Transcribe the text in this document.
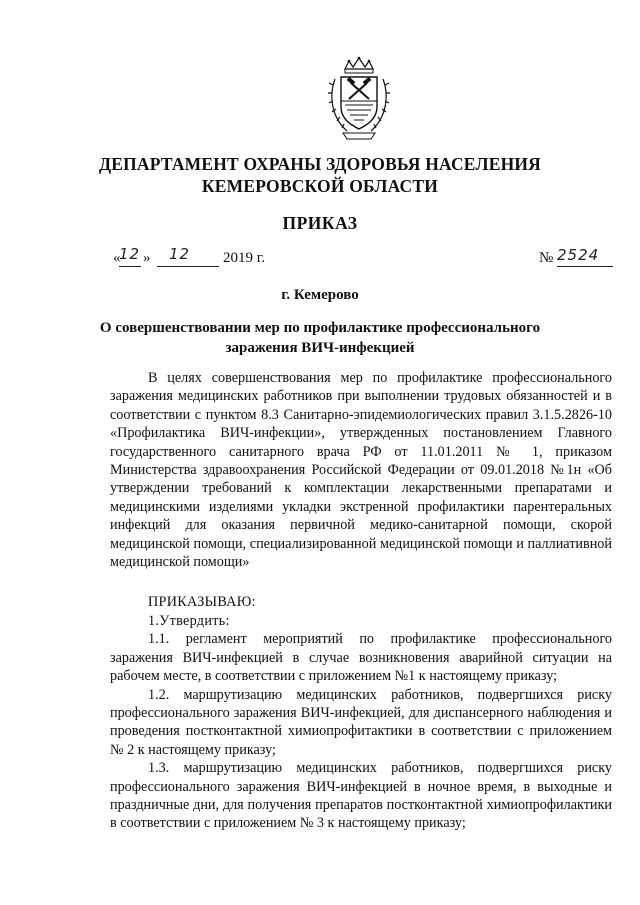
ДЕПАРТАМЕНТ ОХРАНЫ ЗДОРОВЬЯ НАСЕЛЕНИЯ
КЕМЕРОВСКОЙ ОБЛАСТИ
ПРИКАЗ
«
12 » 12 2019 г.	№ 2524
г. Кемерово
О совершенствовании мер по профилактике профессионального
заражения ВИЧ-инфекцией

В целях совершенствования мер по профилактике профессионального заражения медицинских работников при выполнении трудовых обязанностей и в соответствии с пунктом 8.3 Санитарно-эпидемиологических правил 3.1.5.2826-10 «Профилактика ВИЧ-инфекции», утвержденных постановлением Главного государственного санитарного врача РФ от 11.01.2011 № 1, приказом Министерства здравоохранения Российской Федерации от 09.01.2018 №1н «Об утверждении требований к комплектации лекарственными препаратами и медицинскими изделиями укладки экстренной профилактики парентеральных инфекций для оказания первичной медико-санитарной помощи, скорой медицинской помощи, специализированной медицинской помощи и паллиативной медицинской помощи»

ПРИКАЗЫВАЮ:

1.Утвердить:

1.1. регламент мероприятий по профилактике профессионального заражения ВИЧ-инфекцией в случае возникновения аварийной ситуации на рабочем месте, в соответствии с приложением №1 к настоящему приказу;

1.2. маршрутизацию медицинских работников, подвергшихся риску профессионального заражения ВИЧ-инфекцией, для диспансерного наблюдения и проведения постконтактной химиопрофитактики в соответствии с приложением № 2 к настоящему приказу;

1.3. маршрутизацию медицинских работников, подвергшихся риску профессионального заражения ВИЧ-инфекцией в ночное время, в выходные и праздничные дни, для получения препаратов постконтактной химиопрофилактики в соответствии с приложением № 3 к настоящему приказу;
